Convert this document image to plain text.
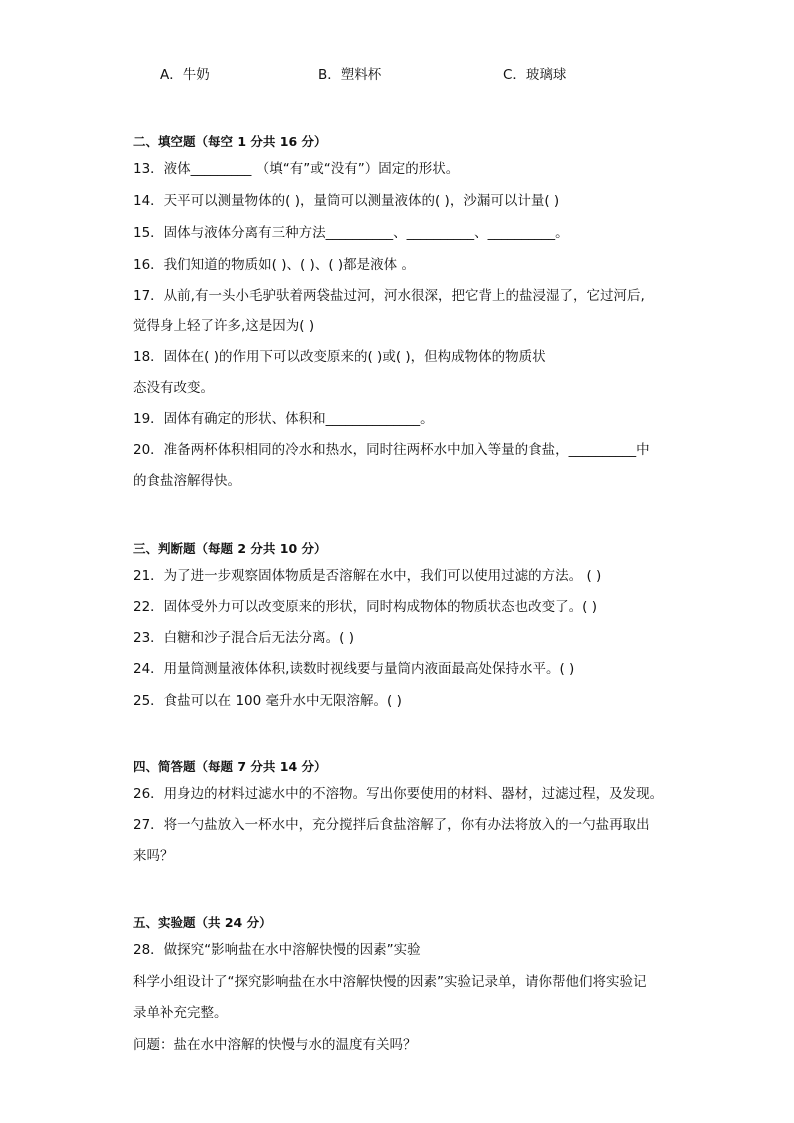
A．牛奶	B．塑料杯	C．玻璃球
二、填空题（每空 1 分共 16 分）
13．液体_________ （填“有”或“没有”）固定的形状。
14．天平可以测量物体的( )，量筒可以测量液体的( )，沙漏可以计量( )
15．固体与液体分离有三种方法__________、__________、__________。
16．我们知道的物质如( )、( )、( )都是液体 。
17．从前,有一头小毛驴驮着两袋盐过河，河水很深，把它背上的盐浸湿了，它过河后,
觉得身上轻了许多,这是因为( )
18．固体在( )的作用下可以改变原来的( )或( )，但构成物体的物质状
态没有改变。
19．固体有确定的形状、体积和______________。
20．准备两杯体积相同的冷水和热水，同时往两杯水中加入等量的食盐，__________中
的食盐溶解得快。
三、判断题（每题 2 分共 10 分）
21．为了进一步观察固体物质是否溶解在水中，我们可以使用过滤的方法。 ( )
22．固体受外力可以改变原来的形状，同时构成物体的物质状态也改变了。( )
23．白糖和沙子混合后无法分离。( )
24．用量筒测量液体体积,读数时视线要与量筒内液面最高处保持水平。( )
25．食盐可以在 100 毫升水中无限溶解。( )
四、简答题（每题 7 分共 14 分）
26．用身边的材料过滤水中的不溶物。写出你要使用的材料、器材，过滤过程，及发现。
27．将一勺盐放入一杯水中，充分搅拌后食盐溶解了，你有办法将放入的一勺盐再取出
来吗？
五、实验题（共 24 分）
28．做探究“影响盐在水中溶解快慢的因素”实验
科学小组设计了“探究影响盐在水中溶解快慢的因素”实验记录单，请你帮他们将实验记
录单补充完整。
问题：盐在水中溶解的快慢与水的温度有关吗？
